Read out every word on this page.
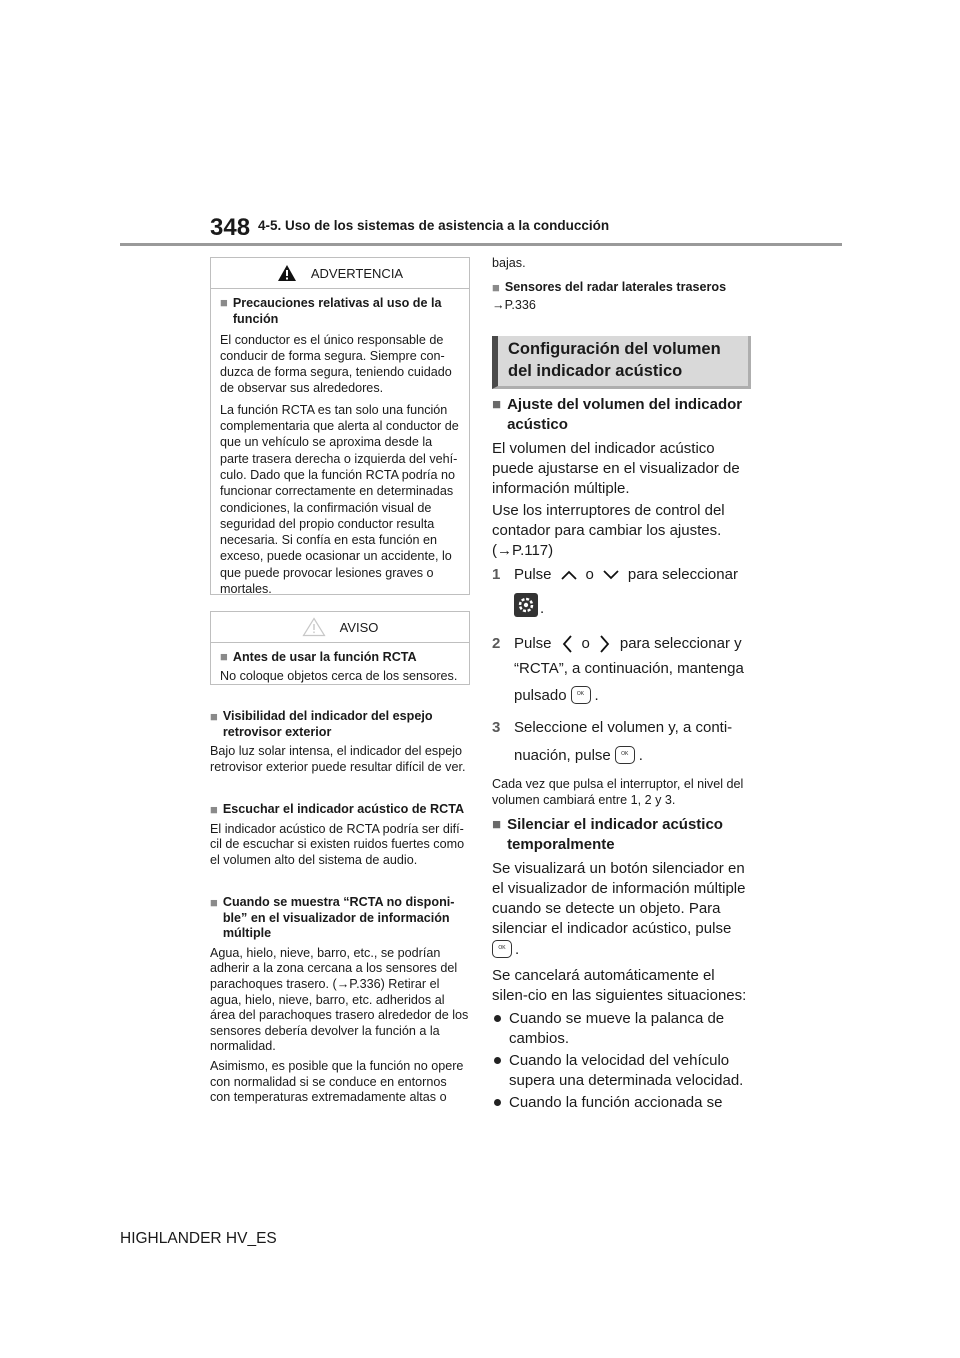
348 4-5. Uso de los sistemas de asistencia a la conducción
ADVERTENCIA
■ Precauciones relativas al uso de la función

El conductor es el único responsable de conducir de forma segura. Siempre con-duzca de forma segura, teniendo cuidado de observar sus alrededores.

La función RCTA es tan solo una función complementaria que alerta al conductor de que un vehículo se aproxima desde la parte trasera derecha o izquierda del vehí-culo. Dado que la función RCTA podría no funcionar correctamente en determinadas condiciones, la confirmación visual de seguridad del propio conductor resulta necesaria. Si confía en esta función en exceso, puede ocasionar un accidente, lo que puede provocar lesiones graves o mortales.

AVISO
■ Antes de usar la función RCTA

No coloque objetos cerca de los sensores.

■ Visibilidad del indicador del espejo retrovisor exterior

Bajo luz solar intensa, el indicador del espejo retrovisor exterior puede resultar difícil de ver.

■ Escuchar el indicador acústico de RCTA

El indicador acústico de RCTA podría ser difí-cil de escuchar si existen ruidos fuertes como el volumen alto del sistema de audio.

■ Cuando se muestra “RCTA no disponi-ble” en el visualizador de información múltiple

Agua, hielo, nieve, barro, etc., se podrían adherir a la zona cercana a los sensores del parachoques trasero. (→P.336) Retirar el agua, hielo, nieve, barro, etc. adheridos al área del parachoques trasero alrededor de los sensores debería devolver la función a la normalidad.

Asimismo, es posible que la función no opere con normalidad si se conduce en entornos con temperaturas extremadamente altas o

bajas.
■ Sensores del radar laterales traseros
→P.336
Configuración del volumen del indicador acústico
■ Ajuste del volumen del indicador acústico

El volumen del indicador acústico puede ajustarse en el visualizador de información múltiple.

Use los interruptores de control del contador para cambiar los ajustes. (→P.117)

1 Pulse o para seleccionar
.
2 Pulse o para seleccionar y
“RCTA”, a continuación, mantenga
pulsado	OK .
3 Seleccione el volumen y, a conti-
nuación, pulse	OK .
Cada vez que pulsa el interruptor, el nivel del volumen cambiará entre 1, 2 y 3.
■ Silenciar el indicador acústico temporalmente

Se visualizará un botón silenciador en el visualizador de información múltiple cuando se detecte un objeto. Para silenciar el indicador acústico, pulse

OK .

Se cancelará automáticamente el silen-cio en las siguientes situaciones:

Cuando se mueve la palanca de cambios.
Cuando la velocidad del vehículo supera una determinada velocidad.
Cuando la función accionada se
HIGHLANDER HV_ES
